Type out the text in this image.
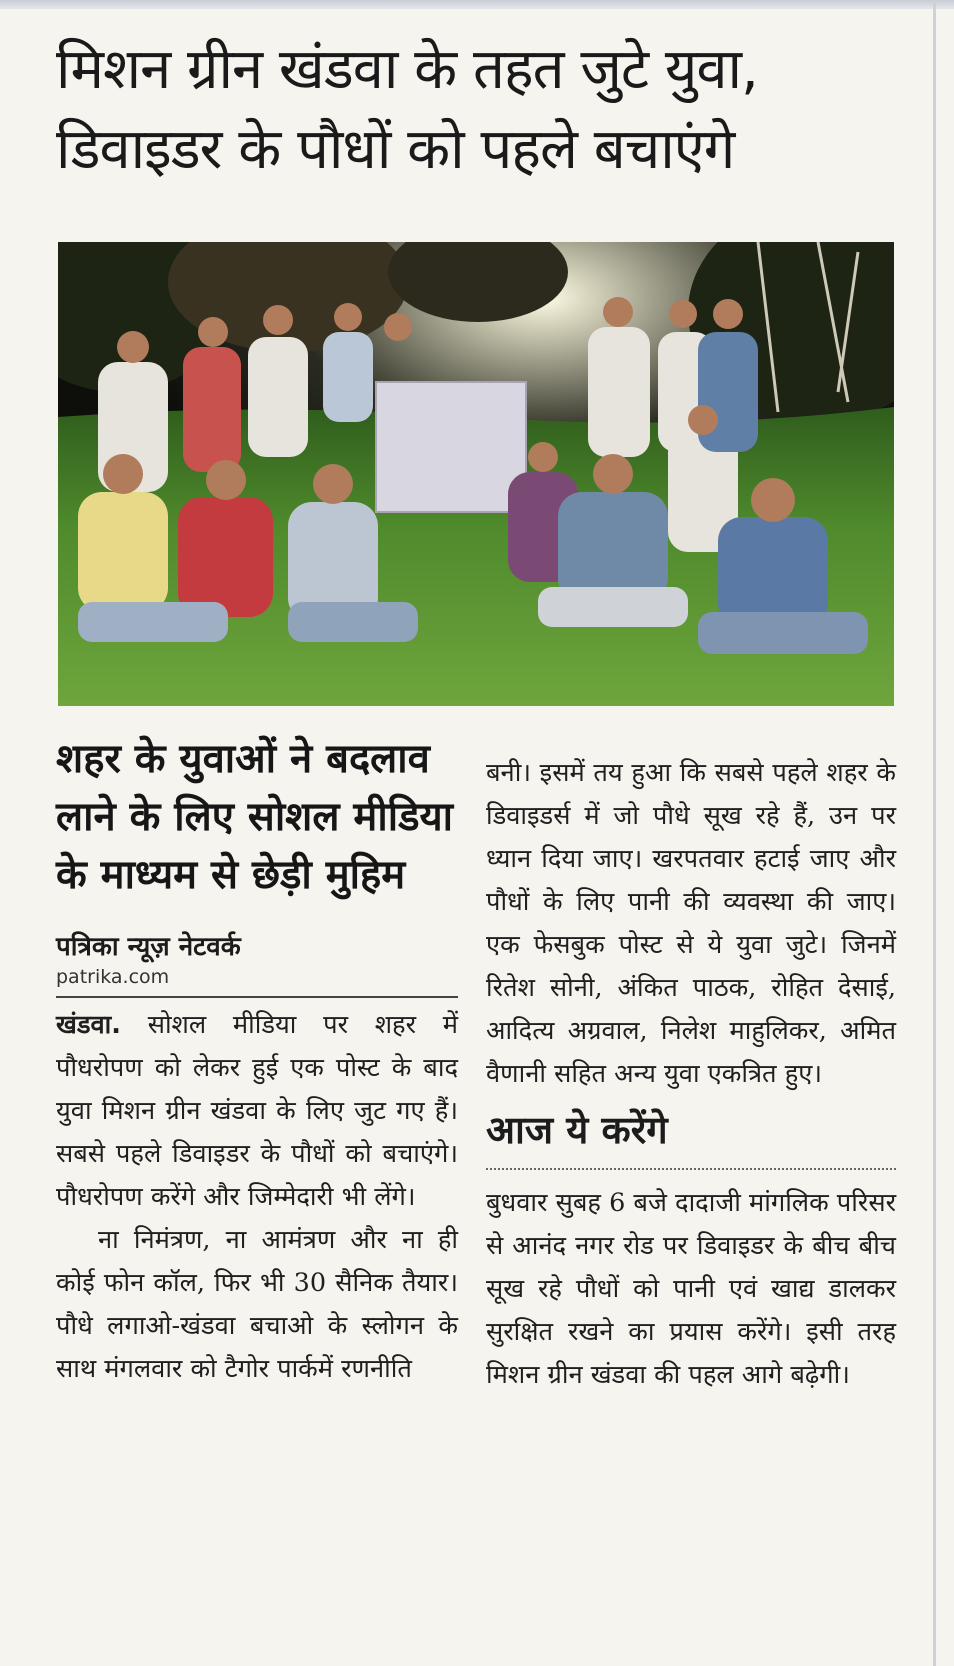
मिशन ग्रीन खंडवा के तहत जुटे युवा,
डिवाइडर के पौधों को पहले बचाएंगे
शहर के युवाओं ने बदलाव लाने के लिए सोशल मीडिया के माध्यम से छेड़ी मुहिम

पत्रिका न्यूज़ नेटवर्क

patrika.com

खंडवा. सोशल मीडिया पर शहर में पौधरोपण को लेकर हुई एक पोस्ट के बाद युवा मिशन ग्रीन खंडवा के लिए जुट गए हैं। सबसे पहले डिवाइडर के पौधों को बचाएंगे। पौधरोपण करेंगे और जिम्मेदारी भी लेंगे।

ना निमंत्रण, ना आमंत्रण और ना ही कोई फोन कॉल, फिर भी 30 सैनिक तैयार। पौधे लगाओ-खंडवा बचाओ के स्लोगन के साथ मंगलवार को टैगोर पार्कमें रणनीति

बनी। इसमें तय हुआ कि सबसे पहले शहर के डिवाइडर्स में जो पौधे सूख रहे हैं, उन पर ध्यान दिया जाए। खरपतवार हटाई जाए और पौधों के लिए पानी की व्यवस्था की जाए। एक फेसबुक पोस्ट से ये युवा जुटे। जिनमें रितेश सोनी, अंकित पाठक, रोहित देसाई, आदित्य अग्रवाल, निलेश माहुलिकर, अमित वैणानी सहित अन्य युवा एकत्रित हुए।

आज ये करेंगे

बुधवार सुबह 6 बजे दादाजी मांगलिक परिसर से आनंद नगर रोड पर डिवाइडर के बीच बीच सूख रहे पौधों को पानी एवं खाद्य डालकर सुरक्षित रखने का प्रयास करेंगे। इसी तरह मिशन ग्रीन खंडवा की पहल आगे बढ़ेगी।
